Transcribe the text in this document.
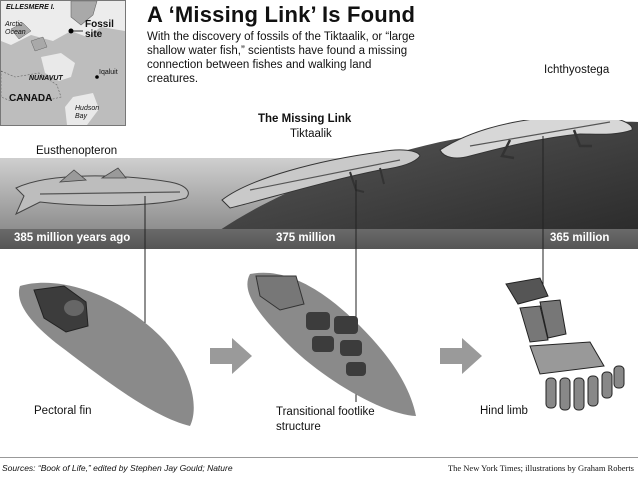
ELLESMERE I.
Arctic Ocean
Fossil site
NUNAVUT
Iqaluit
CANADA
Hudson Bay
A ‘Missing Link’ Is Found
With the discovery of fossils of the Tiktaalik, or “large shallow water fish,” scientists have found a missing connection between fishes and walking land creatures.
Eusthenopteron
The Missing Link
Tiktaalik
Ichthyostega
385 million years ago	375 million	365 million
Pectoral fin	Transitional footlike structure
Hind limb
Sources: “Book of Life,” edited by Stephen Jay Gould; Nature	The New York Times; illustrations by Graham Roberts
